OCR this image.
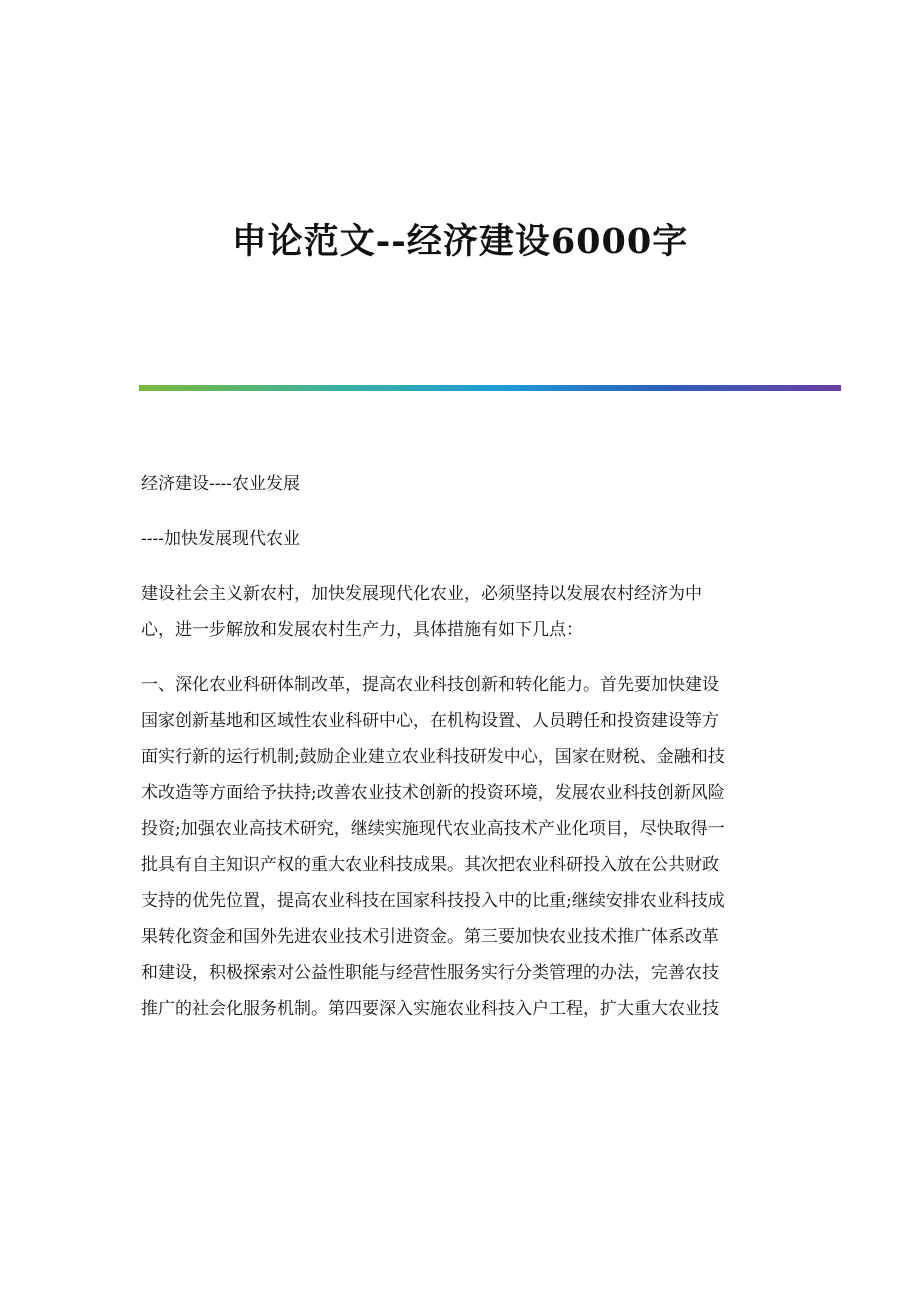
申论范文--经济建设6000字
经济建设----农业发展
----加快发展现代农业
建设社会主义新农村，加快发展现代化农业，必须坚持以发展农村经济为中
心，进一步解放和发展农村生产力，具体措施有如下几点：
一、深化农业科研体制改革，提高农业科技创新和转化能力。首先要加快建设
国家创新基地和区域性农业科研中心，在机构设置、人员聘任和投资建设等方
面实行新的运行机制;鼓励企业建立农业科技研发中心，国家在财税、金融和技
术改造等方面给予扶持;改善农业技术创新的投资环境，发展农业科技创新风险
投资;加强农业高技术研究，继续实施现代农业高技术产业化项目，尽快取得一
批具有自主知识产权的重大农业科技成果。其次把农业科研投入放在公共财政
支持的优先位置，提高农业科技在国家科技投入中的比重;继续安排农业科技成
果转化资金和国外先进农业技术引进资金。第三要加快农业技术推广体系改革
和建设，积极探索对公益性职能与经营性服务实行分类管理的办法，完善农技
推广的社会化服务机制。第四要深入实施农业科技入户工程，扩大重大农业技
